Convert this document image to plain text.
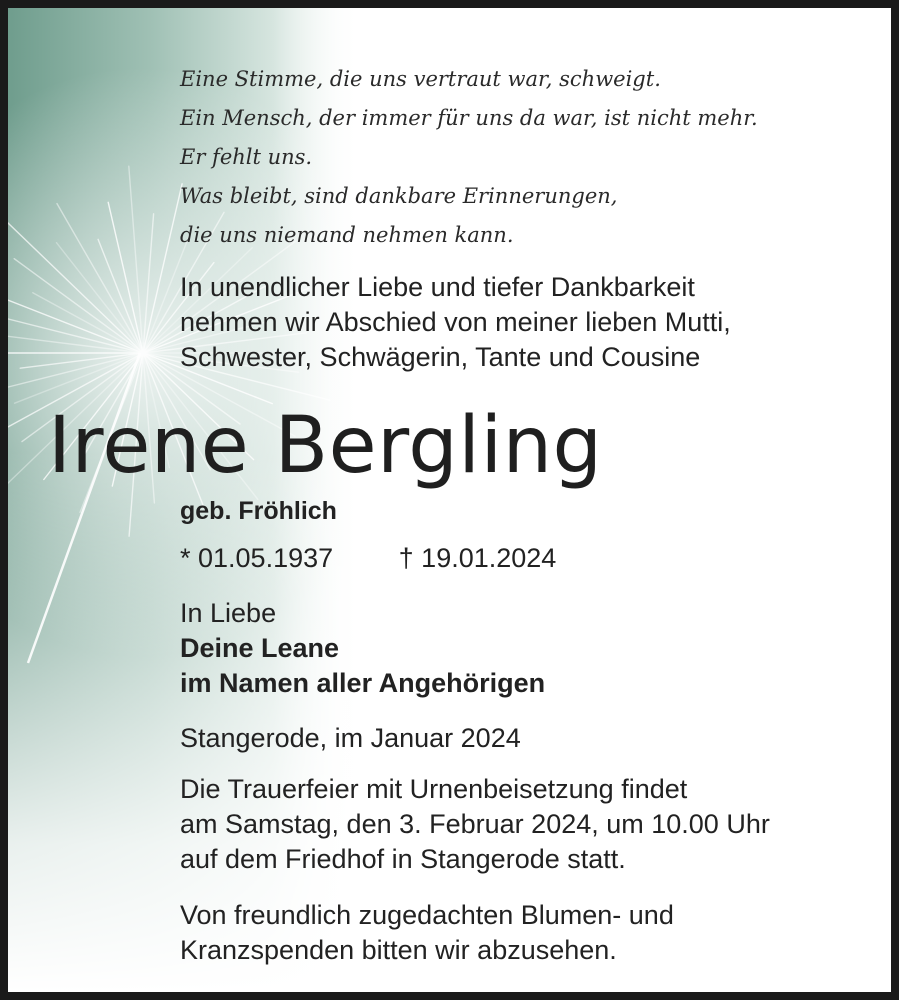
Eine Stimme, die uns vertraut war, schweigt.
Ein Mensch, der immer für uns da war, ist nicht mehr.
Er fehlt uns.
Was bleibt, sind dankbare Erinnerungen,
die uns niemand nehmen kann.
In unendlicher Liebe und tiefer Dankbarkeit
nehmen wir Abschied von meiner lieben Mutti,
Schwester, Schwägerin, Tante und Cousine
Irene Bergling
geb. Fröhlich
* 01.05.1937 † 19.01.2024
In Liebe
Deine Leane
im Namen aller Angehörigen
Stangerode, im Januar 2024
Die Trauerfeier mit Urnenbeisetzung findet
am Samstag, den 3. Februar 2024, um 10.00 Uhr
auf dem Friedhof in Stangerode statt.
Von freundlich zugedachten Blumen- und
Kranzspenden bitten wir abzusehen.
